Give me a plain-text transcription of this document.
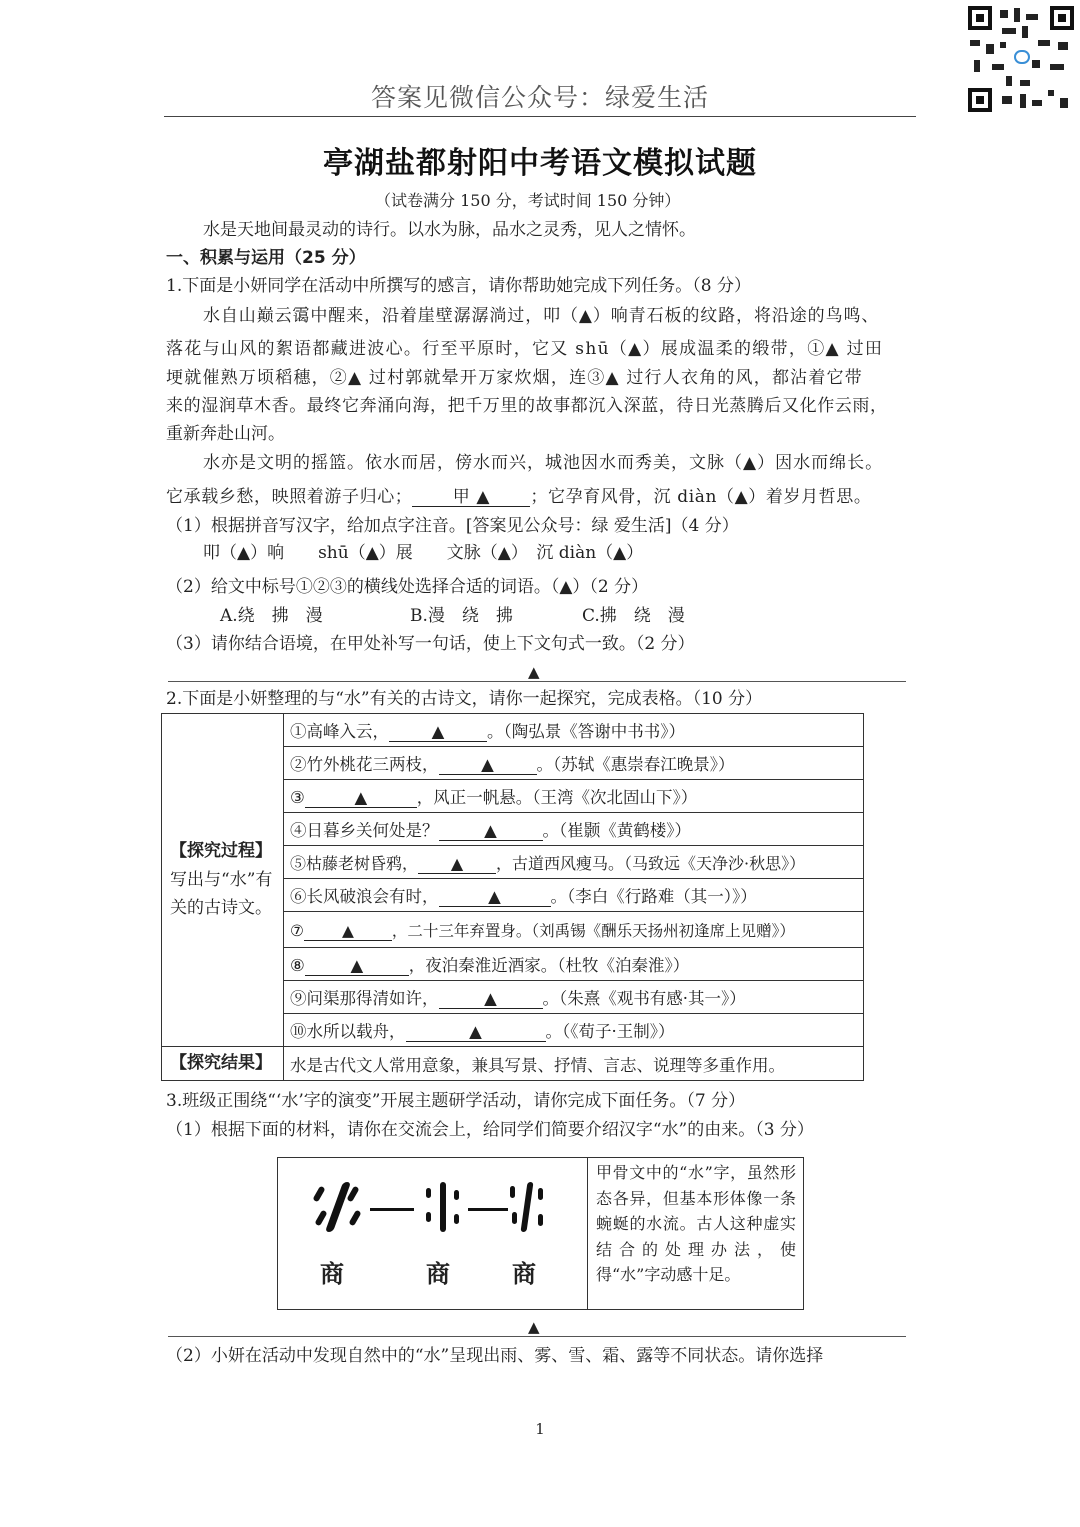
答案见微信公众号：绿爱生活
亭湖盐都射阳中考语文模拟试题
（试卷满分 150 分，考试时间 150 分钟）
水是天地间最灵动的诗行。以水为脉，品水之灵秀，见人之情怀。
一、积累与运用（25 分）
1.下面是小妍同学在活动中所撰写的感言，请你帮助她完成下列任务。（8 分）
水自山巅云霭中醒来，沿着崖壁潺潺淌过，叩（▲）响青石板的纹路，将沿途的鸟鸣、
落花与山风的絮语都藏进波心。行至平原时，它又 shū（▲）展成温柔的缎带，①▲ 过田
埂就催熟万顷稻穗，②▲ 过村郭就晕开万家炊烟，连③▲ 过行人衣角的风，都沾着它带
来的湿润草木香。最终它奔涌向海，把千万里的故事都沉入深蓝，待日光蒸腾后又化作云雨，
重新奔赴山河。
水亦是文明的摇篮。依水而居，傍水而兴，城池因水而秀美，文脉（▲）因水而绵长。
它承载乡愁，映照着游子归心； 甲 ▲ ；它孕育风骨，沉 diàn（▲）着岁月哲思。
（1）根据拼音写汉字，给加点字注音。[答案见公众号：绿 爱生活]（4 分）
叩（▲）响　　shū（▲）展　　文脉（▲）　沉 diàn（▲）
（2）给文中标号①②③的横线处选择合适的词语。（▲）（2 分）
A.绕　拂　漫	B.漫　绕　拂	C.拂　绕　漫
（3）请你结合语境，在甲处补写一句话，使上下文句式一致。（2 分）
▲
2.下面是小妍整理的与“水”有关的古诗文，请你一起探究，完成表格。（10 分）
【探究过程】
写出与“水”有关的古诗文。	①高峰入云， ▲ 。（陶弘景《答谢中书书》）
	②竹外桃花三两枝， ▲ 。（苏轼《惠崇春江晚景》）
	③ ▲ ，风正一帆悬。（王湾《次北固山下》）
	④日暮乡关何处是？ ▲ 。（崔颢《黄鹤楼》）
	⑤枯藤老树昏鸦， ▲ ，古道西风瘦马。（马致远《天净沙·秋思》）
	⑥长风破浪会有时， ▲ 。（李白《行路难（其一）》）
	⑦ ▲ ，二十三年弃置身。（刘禹锡《酬乐天扬州初逢席上见赠》）
	⑧ ▲ ，夜泊秦淮近酒家。（杜牧《泊秦淮》）
	⑨问渠那得清如许， ▲ 。（朱熹《观书有感·其一》）
	⑩水所以载舟， ▲ 。（《荀子·王制》）
【探究结果】	水是古代文人常用意象，兼具写景、抒情、言志、说理等多重作用。
3.班级正围绕“‘水’字的演变”开展主题研学活动，请你完成下面任务。（7 分）
（1）根据下面的材料，请你在交流会上，给同学们简要介绍汉字“水”的由来。（3 分）
商	商	商
甲骨文中的“水”字，虽然形态各异，但基本形体像一条蜿蜒的水流。古人这种虚实结合的处理办法，使得“水”字动感十足。
▲
（2）小妍在活动中发现自然中的“水”呈现出雨、雾、雪、霜、露等不同状态。请你选择
1
